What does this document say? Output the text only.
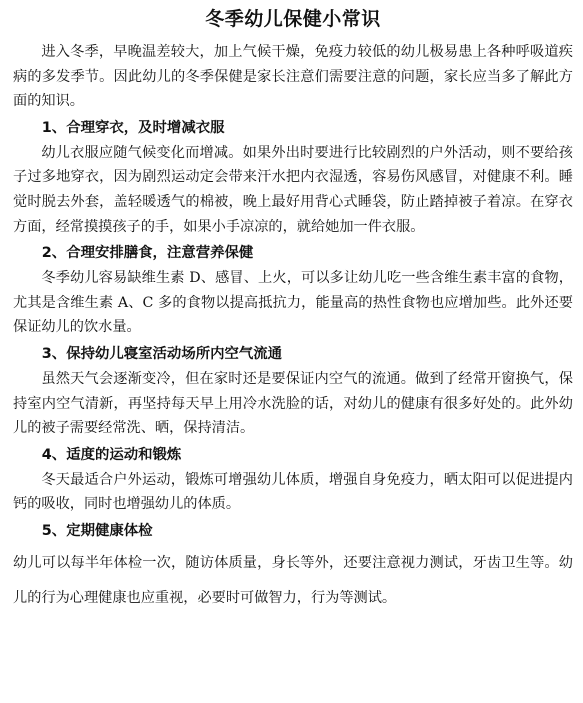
冬季幼儿保健小常识

进入冬季，早晚温差较大，加上气候干燥，免疫力较低的幼儿极易患上各种呼吸道疾病的多发季节。因此幼儿的冬季保健是家长注意们需要注意的问题，家长应当多了解此方面的知识。

1、合理穿衣，及时增减衣服

幼儿衣服应随气候变化而增减。如果外出时要进行比较剧烈的户外活动，则不要给孩子过多地穿衣，因为剧烈运动定会带来汗水把内衣湿透，容易伤风感冒，对健康不利。睡觉时脱去外套，盖轻暖透气的棉被，晚上最好用背心式睡袋，防止踏掉被子着凉。在穿衣方面，经常摸摸孩子的手，如果小手凉凉的，就给她加一件衣服。

2、合理安排膳食，注意营养保健

冬季幼儿容易缺维生素 D、感冒、上火，可以多让幼儿吃一些含维生素丰富的食物，尤其是含维生素 A、C 多的食物以提高抵抗力，能量高的热性食物也应增加些。此外还要保证幼儿的饮水量。

3、保持幼儿寝室活动场所内空气流通

虽然天气会逐渐变冷，但在家时还是要保证内空气的流通。做到了经常开窗换气，保持室内空气清新，再坚持每天早上用冷水洗脸的话，对幼儿的健康有很多好处的。此外幼儿的被子需要经常洗、晒，保持清洁。

4、适度的运动和锻炼

冬天最适合户外运动，锻炼可增强幼儿体质，增强自身免疫力，晒太阳可以促进提内钙的吸收，同时也增强幼儿的体质。

5、定期健康体检

幼儿可以每半年体检一次，随访体质量，身长等外，还要注意视力测试，牙齿卫生等。幼儿的行为心理健康也应重视，必要时可做智力，行为等测试。
